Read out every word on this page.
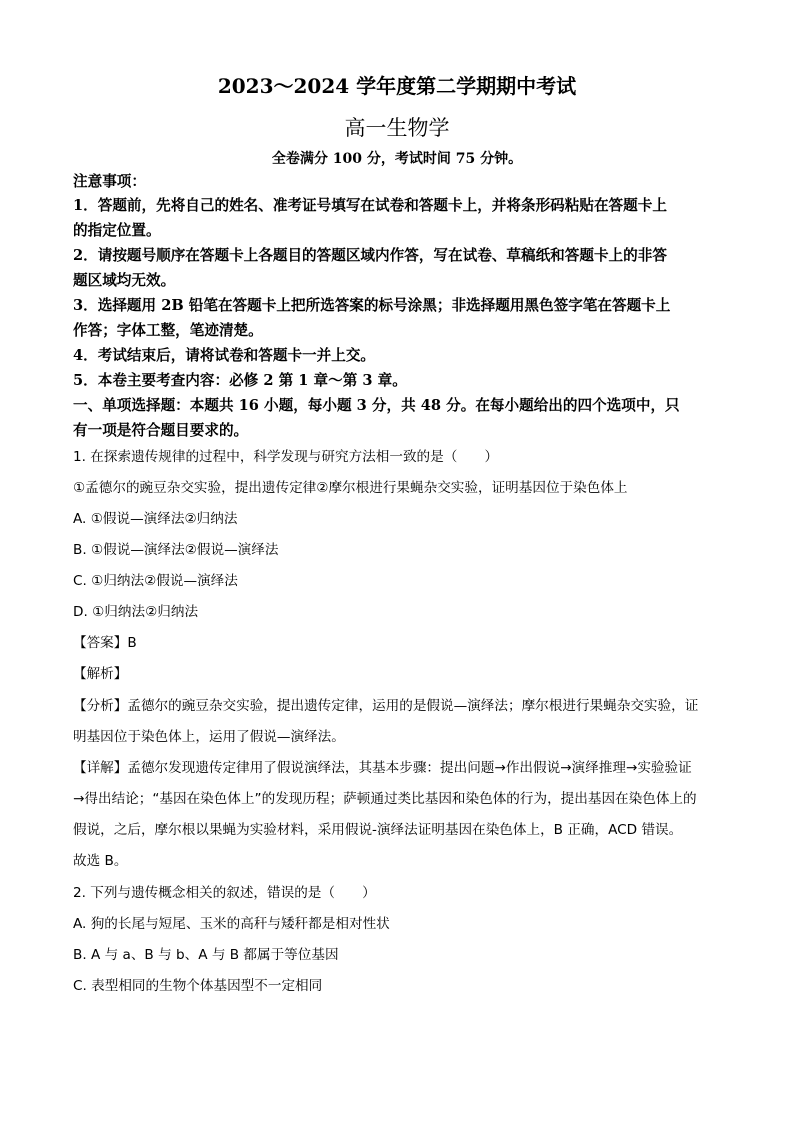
2023～2024 学年度第二学期期中考试
高一生物学
全卷满分 100 分，考试时间 75 分钟。
注意事项：
1．答题前，先将自己的姓名、准考证号填写在试卷和答题卡上，并将条形码粘贴在答题卡上
的指定位置。
2．请按题号顺序在答题卡上各题目的答题区域内作答，写在试卷、草稿纸和答题卡上的非答
题区域均无效。
3．选择题用 2B 铅笔在答题卡上把所选答案的标号涂黑；非选择题用黑色签字笔在答题卡上
作答；字体工整，笔迹清楚。
4．考试结束后，请将试卷和答题卡一并上交。
5．本卷主要考查内容：必修 2 第 1 章～第 3 章。
一、单项选择题：本题共 16 小题，每小题 3 分，共 48 分。在每小题给出的四个选项中，只
有一项是符合题目要求的。
1. 在探索遗传规律的过程中，科学发现与研究方法相一致的是（　　）
①孟德尔的豌豆杂交实验，提出遗传定律②摩尔根进行果蝇杂交实验，证明基因位于染色体上
A. ①假说—演绎法②归纳法
B. ①假说—演绎法②假说—演绎法
C. ①归纳法②假说—演绎法
D. ①归纳法②归纳法
【答案】B
【解析】
【分析】孟德尔的豌豆杂交实验，提出遗传定律，运用的是假说—演绎法；摩尔根进行果蝇杂交实验，证
明基因位于染色体上，运用了假说—演绎法。
【详解】孟德尔发现遗传定律用了假说演绎法，其基本步骤：提出问题→作出假说→演绎推理→实验验证
→得出结论；“基因在染色体上”的发现历程；萨顿通过类比基因和染色体的行为，提出基因在染色体上的
假说，之后，摩尔根以果蝇为实验材料，采用假说-演绎法证明基因在染色体上，B 正确，ACD 错误。
故选 B。
2. 下列与遗传概念相关的叙述，错误的是（　　）
A. 狗的长尾与短尾、玉米的高秆与矮秆都是相对性状
B. A 与 a、B 与 b、A 与 B 都属于等位基因
C. 表型相同的生物个体基因型不一定相同
